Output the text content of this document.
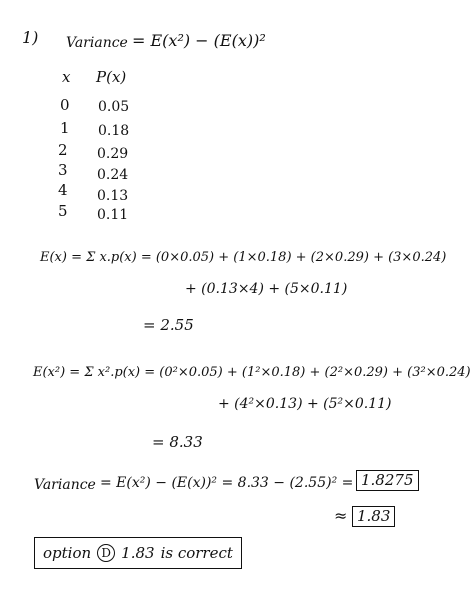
1) Variance = E(x²) − (E(x))²
x P(x)
0 0.05
1 0.18
2 0.29
3 0.24
4 0.13
5 0.11
E(x) = Σ x.p(x) = (0×0.05) + (1×0.18) + (2×0.29) + (3×0.24)
+ (0.13×4) + (5×0.11)
= 2.55
E(x²) = Σ x².p(x) = (0²×0.05) + (1²×0.18) + (2²×0.29) + (3²×0.24)
+ (4²×0.13) + (5²×0.11)
= 8.33
Variance = E(x²) − (E(x))² = 8.33 − (2.55)² = 1.8275
≈ 1.83
option D 1.83 is correct
